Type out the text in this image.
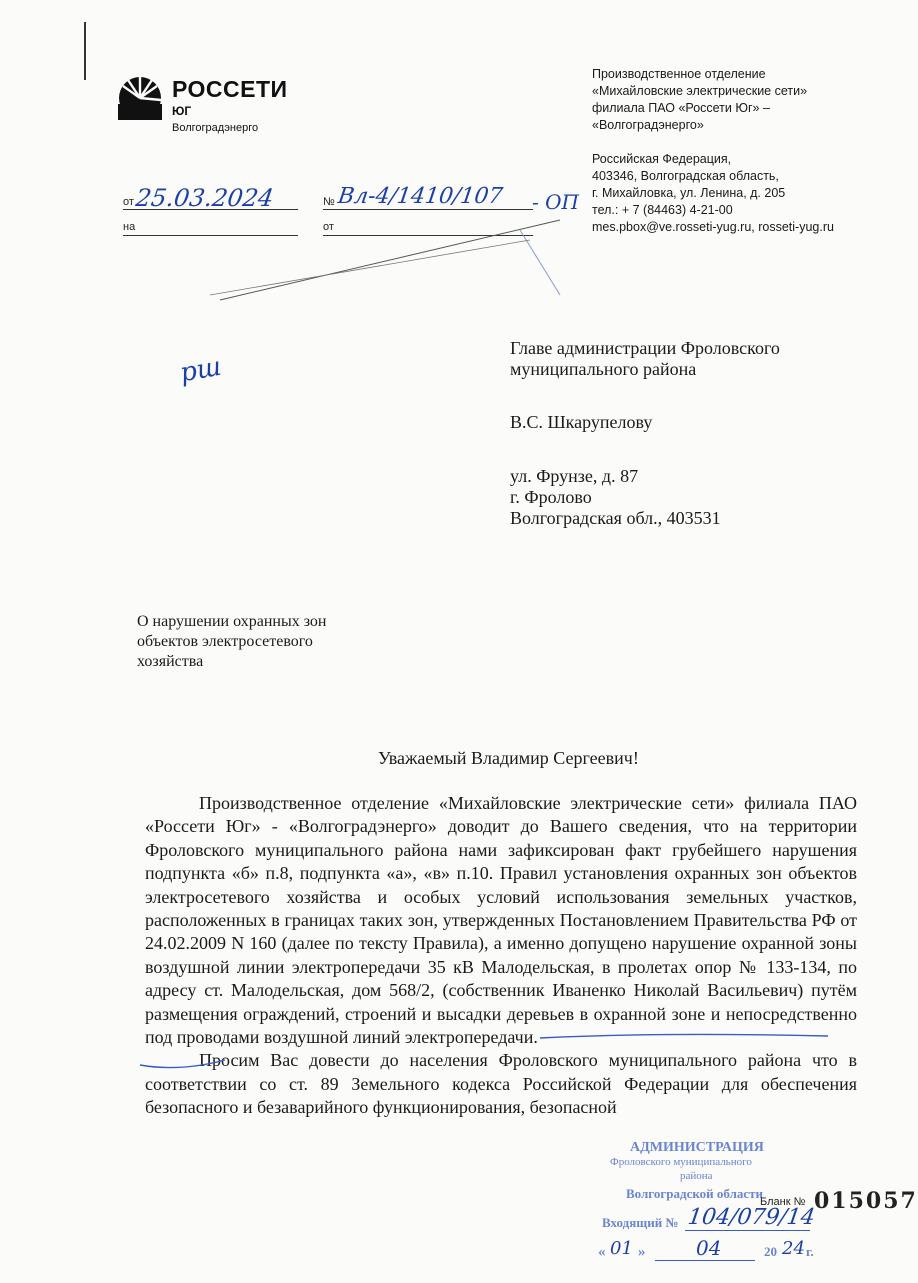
РОССЕТИ
ЮГ
Волгоградэнерго
Производственное отделение
«Михайловские электрические сети»
филиала ПАО «Россети Юг» –
«Волгоградэнерго»
Российская Федерация,
403346, Волгоградская область,
г. Михайловка, ул. Ленина, д. 205
тел.: + 7 (84463) 4-21-00
mes.pbox@ve.rosseti-yug.ru, rosseti-yug.ru
от 25.03.2024	№ Вл-4/1410/107 - ОП
на	от
рш
Главе администрации Фроловского
муниципального района
В.С. Шкарупелову
ул. Фрунзе, д. 87
г. Фролово
Волгоградская обл., 403531
О нарушении охранных зон
объектов электросетевого
хозяйства
Уважаемый Владимир Сергеевич!

Производственное отделение «Михайловские электрические сети» филиала ПАО «Россети Юг» - «Волгоградэнерго» доводит до Вашего сведения, что на территории Фроловского муниципального района нами зафиксирован факт грубейшего нарушения подпункта «б» п.8, подпункта «а», «в» п.10. Правил установления охранных зон объектов электросетевого хозяйства и особых условий использования земельных участков, расположенных в границах таких зон, утвержденных Постановлением Правительства РФ от 24.02.2009 N 160 (далее по тексту Правила), а именно допущено нарушение охранной зоны воздушной линии электропередачи 35 кВ Малодельская, в пролетах опор № 133-134, по адресу ст. Малодельская, дом 568/2, (собственник Иваненко Николай Васильевич) путём размещения ограждений, строений и высадки деревьев в охранной зоне и непосредственно под проводами воздушной линий электропередачи.

Просим Вас довести до населения Фроловского муниципального района что в соответствии со ст. 89 Земельного кодекса Российской Федерации для обеспечения безопасного и безаварийного функционирования, безопасной

АДМИНИСТРАЦИЯ
Фроловского муниципального
района
Волгоградской области
Бланк № 015057
Входящий № 104/079/14
« 01 »	04	20 24 г.
